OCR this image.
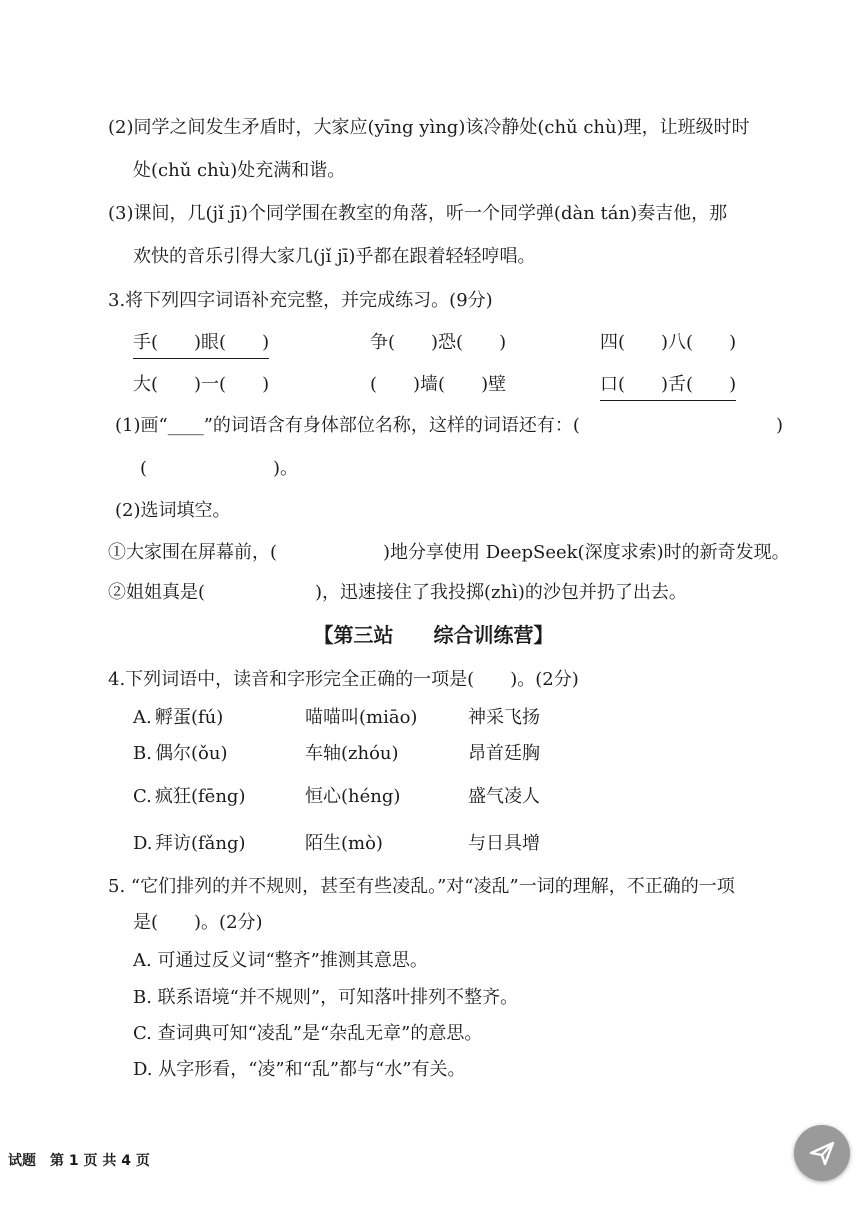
(2)同学之间发生矛盾时，大家应(yīng yìng)该冷静处(chǔ chù)理，让班级时时
处(chǔ chù)处充满和谐。
(3)课间，几(jǐ jī)个同学围在教室的角落，听一个同学弹(dàn tán)奏吉他，那
欢快的音乐引得大家几(jǐ jī)乎都在跟着轻轻哼唱。
3.将下列四字词语补充完整，并完成练习。(9分)
手(　　)眼(　　)	争(　　)恐(　　)	四(　　)八(　　)
大(　　)一(　　)	(　　)墙(　　)壁	口(　　)舌(　　)
(1)画“____”的词语含有身体部位名称，这样的词语还有：(	)
(　　　　　　　)。
(2)选词填空。
①大家围在屏幕前，(	)地分享使用 DeepSeek(深度求索)时的新奇发现。
②姐姐真是(	)，迅速接住了我投掷(zhì)的沙包并扔了出去。
【第三站　　综合训练营】
4.下列词语中，读音和字形完全正确的一项是(　　)。(2分)
A. 孵蛋(fú)	喵喵叫(miāo)	神采飞扬
B. 偶尔(ǒu)	车轴(zhóu)	昂首廷胸
C. 疯狂(fēng)	恒心(héng)	盛气凌人
D. 拜访(fǎng)	陌生(mò)	与日具增
5. “它们排列的并不规则，甚至有些凌乱。”对“凌乱”一词的理解，不正确的一项
是(　　)。(2分)
A. 可通过反义词“整齐”推测其意思。
B. 联系语境“并不规则”，可知落叶排列不整齐。
C. 查词典可知“凌乱”是“杂乱无章”的意思。
D. 从字形看，“凌”和“乱”都与“水”有关。
试题　第 1 页 共 4 页
